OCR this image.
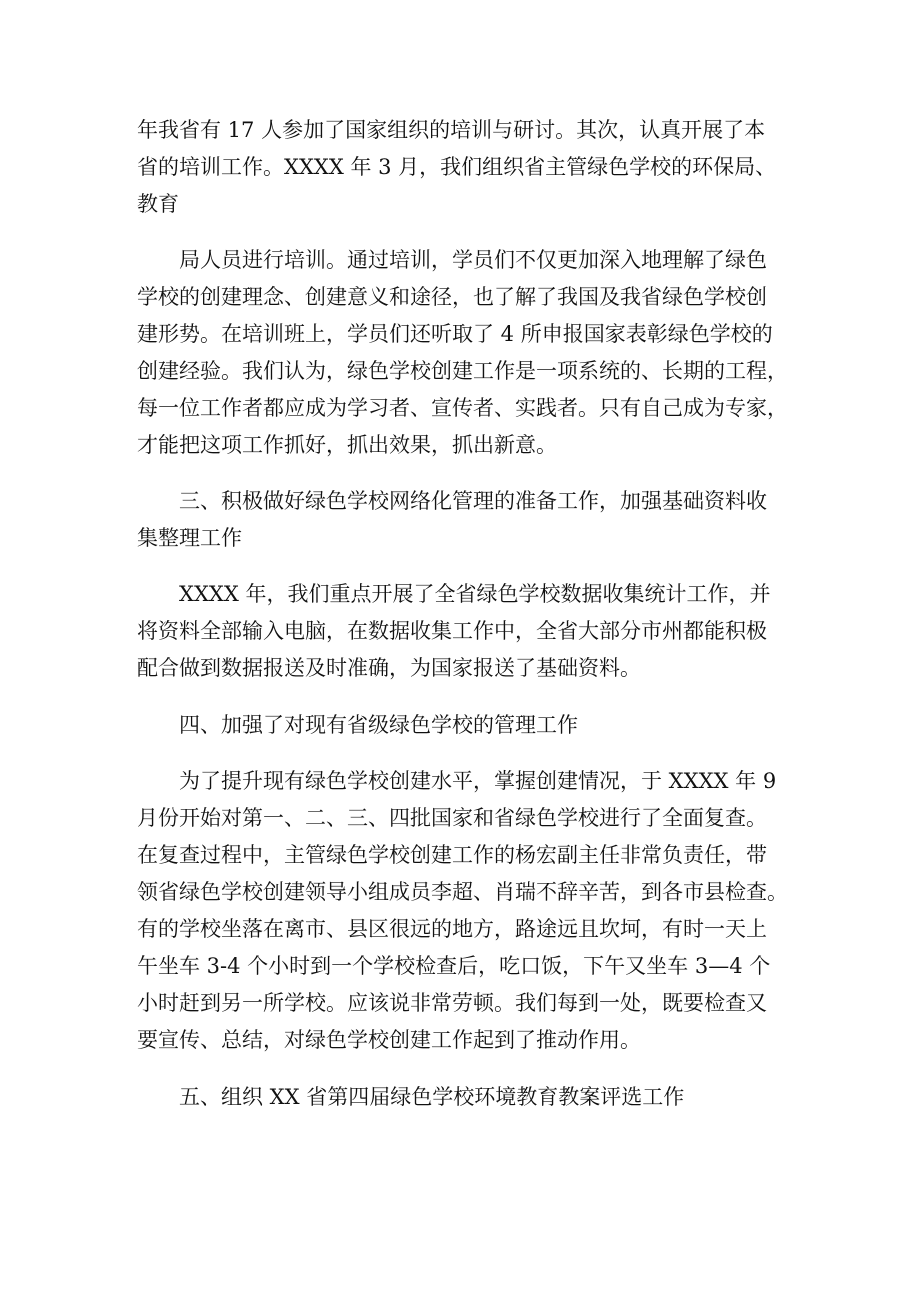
年我省有 17 人参加了国家组织的培训与研讨。其次，认真开展了本
省的培训工作。XXXX 年 3 月，我们组织省主管绿色学校的环保局、
教育

局人员进行培训。通过培训，学员们不仅更加深入地理解了绿色
学校的创建理念、创建意义和途径，也了解了我国及我省绿色学校创
建形势。在培训班上，学员们还听取了 4 所申报国家表彰绿色学校的
创建经验。我们认为，绿色学校创建工作是一项系统的、长期的工程，
每一位工作者都应成为学习者、宣传者、实践者。只有自己成为专家，
才能把这项工作抓好，抓出效果，抓出新意。

三、积极做好绿色学校网络化管理的准备工作，加强基础资料收
集整理工作

XXXX 年，我们重点开展了全省绿色学校数据收集统计工作，并
将资料全部输入电脑，在数据收集工作中，全省大部分市州都能积极
配合做到数据报送及时准确，为国家报送了基础资料。

四、加强了对现有省级绿色学校的管理工作

为了提升现有绿色学校创建水平，掌握创建情况，于 XXXX 年 9
月份开始对第一、二、三、四批国家和省绿色学校进行了全面复查。
在复查过程中，主管绿色学校创建工作的杨宏副主任非常负责任，带
领省绿色学校创建领导小组成员李超、肖瑞不辞辛苦，到各市县检查。
有的学校坐落在离市、县区很远的地方，路途远且坎坷，有时一天上
午坐车 3-4 个小时到一个学校检查后，吃口饭，下午又坐车 3—4 个
小时赶到另一所学校。应该说非常劳顿。我们每到一处，既要检查又
要宣传、总结，对绿色学校创建工作起到了推动作用。

五、组织 XX 省第四届绿色学校环境教育教案评选工作
